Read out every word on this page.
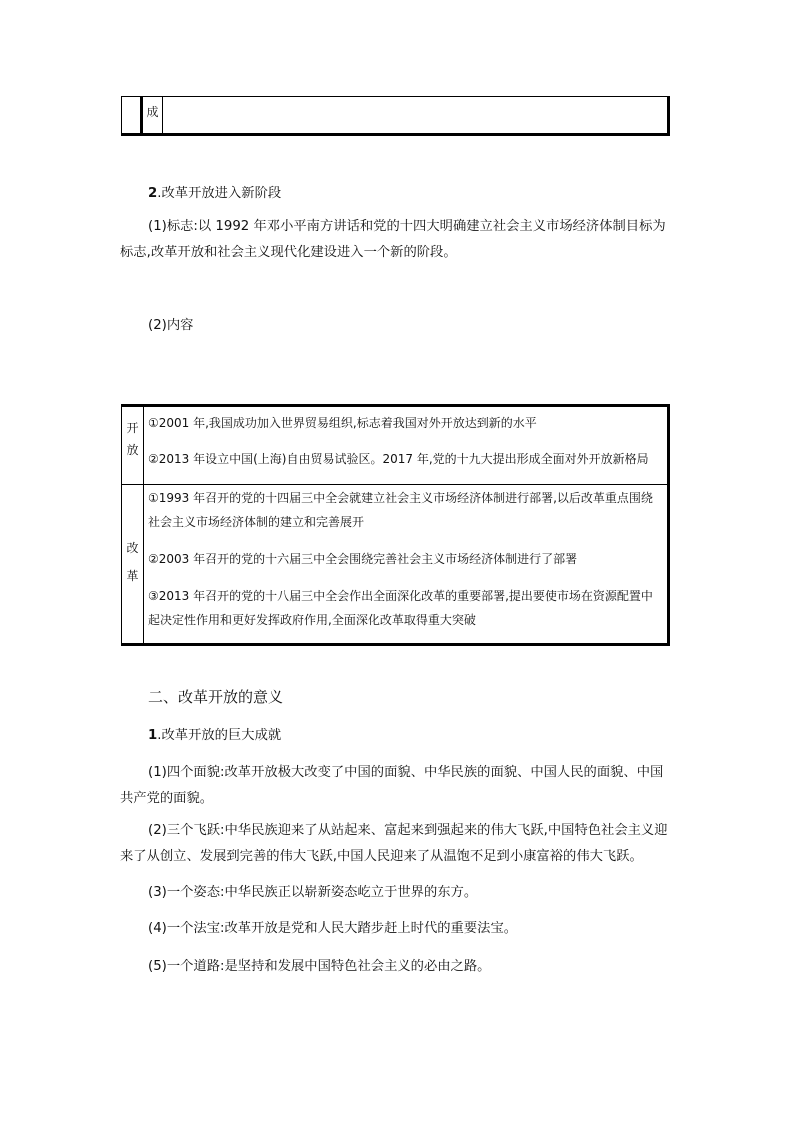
成
2.改革开放进入新阶段

(1)标志:以 1992 年邓小平南方讲话和党的十四大明确建立社会主义市场经济体制目标为标志,改革开放和社会主义现代化建设进入一个新的阶段。

(2)内容

开
放
①2001 年,我国成功加入世界贸易组织,标志着我国对外开放达到新的水平
②2013 年设立中国(上海)自由贸易试验区。2017 年,党的十九大提出形成全面对外开放新格局
改
革
①1993 年召开的党的十四届三中全会就建立社会主义市场经济体制进行部署,以后改革重点围绕社会主义市场经济体制的建立和完善展开
②2003 年召开的党的十六届三中全会围绕完善社会主义市场经济体制进行了部署
③2013 年召开的党的十八届三中全会作出全面深化改革的重要部署,提出要使市场在资源配置中起决定性作用和更好发挥政府作用,全面深化改革取得重大突破
二、改革开放的意义
1.改革开放的巨大成就

(1)四个面貌:改革开放极大改变了中国的面貌、中华民族的面貌、中国人民的面貌、中国共产党的面貌。

(2)三个飞跃:中华民族迎来了从站起来、富起来到强起来的伟大飞跃,中国特色社会主义迎来了从创立、发展到完善的伟大飞跃,中国人民迎来了从温饱不足到小康富裕的伟大飞跃。

(3)一个姿态:中华民族正以崭新姿态屹立于世界的东方。

(4)一个法宝:改革开放是党和人民大踏步赶上时代的重要法宝。

(5)一个道路:是坚持和发展中国特色社会主义的必由之路。
